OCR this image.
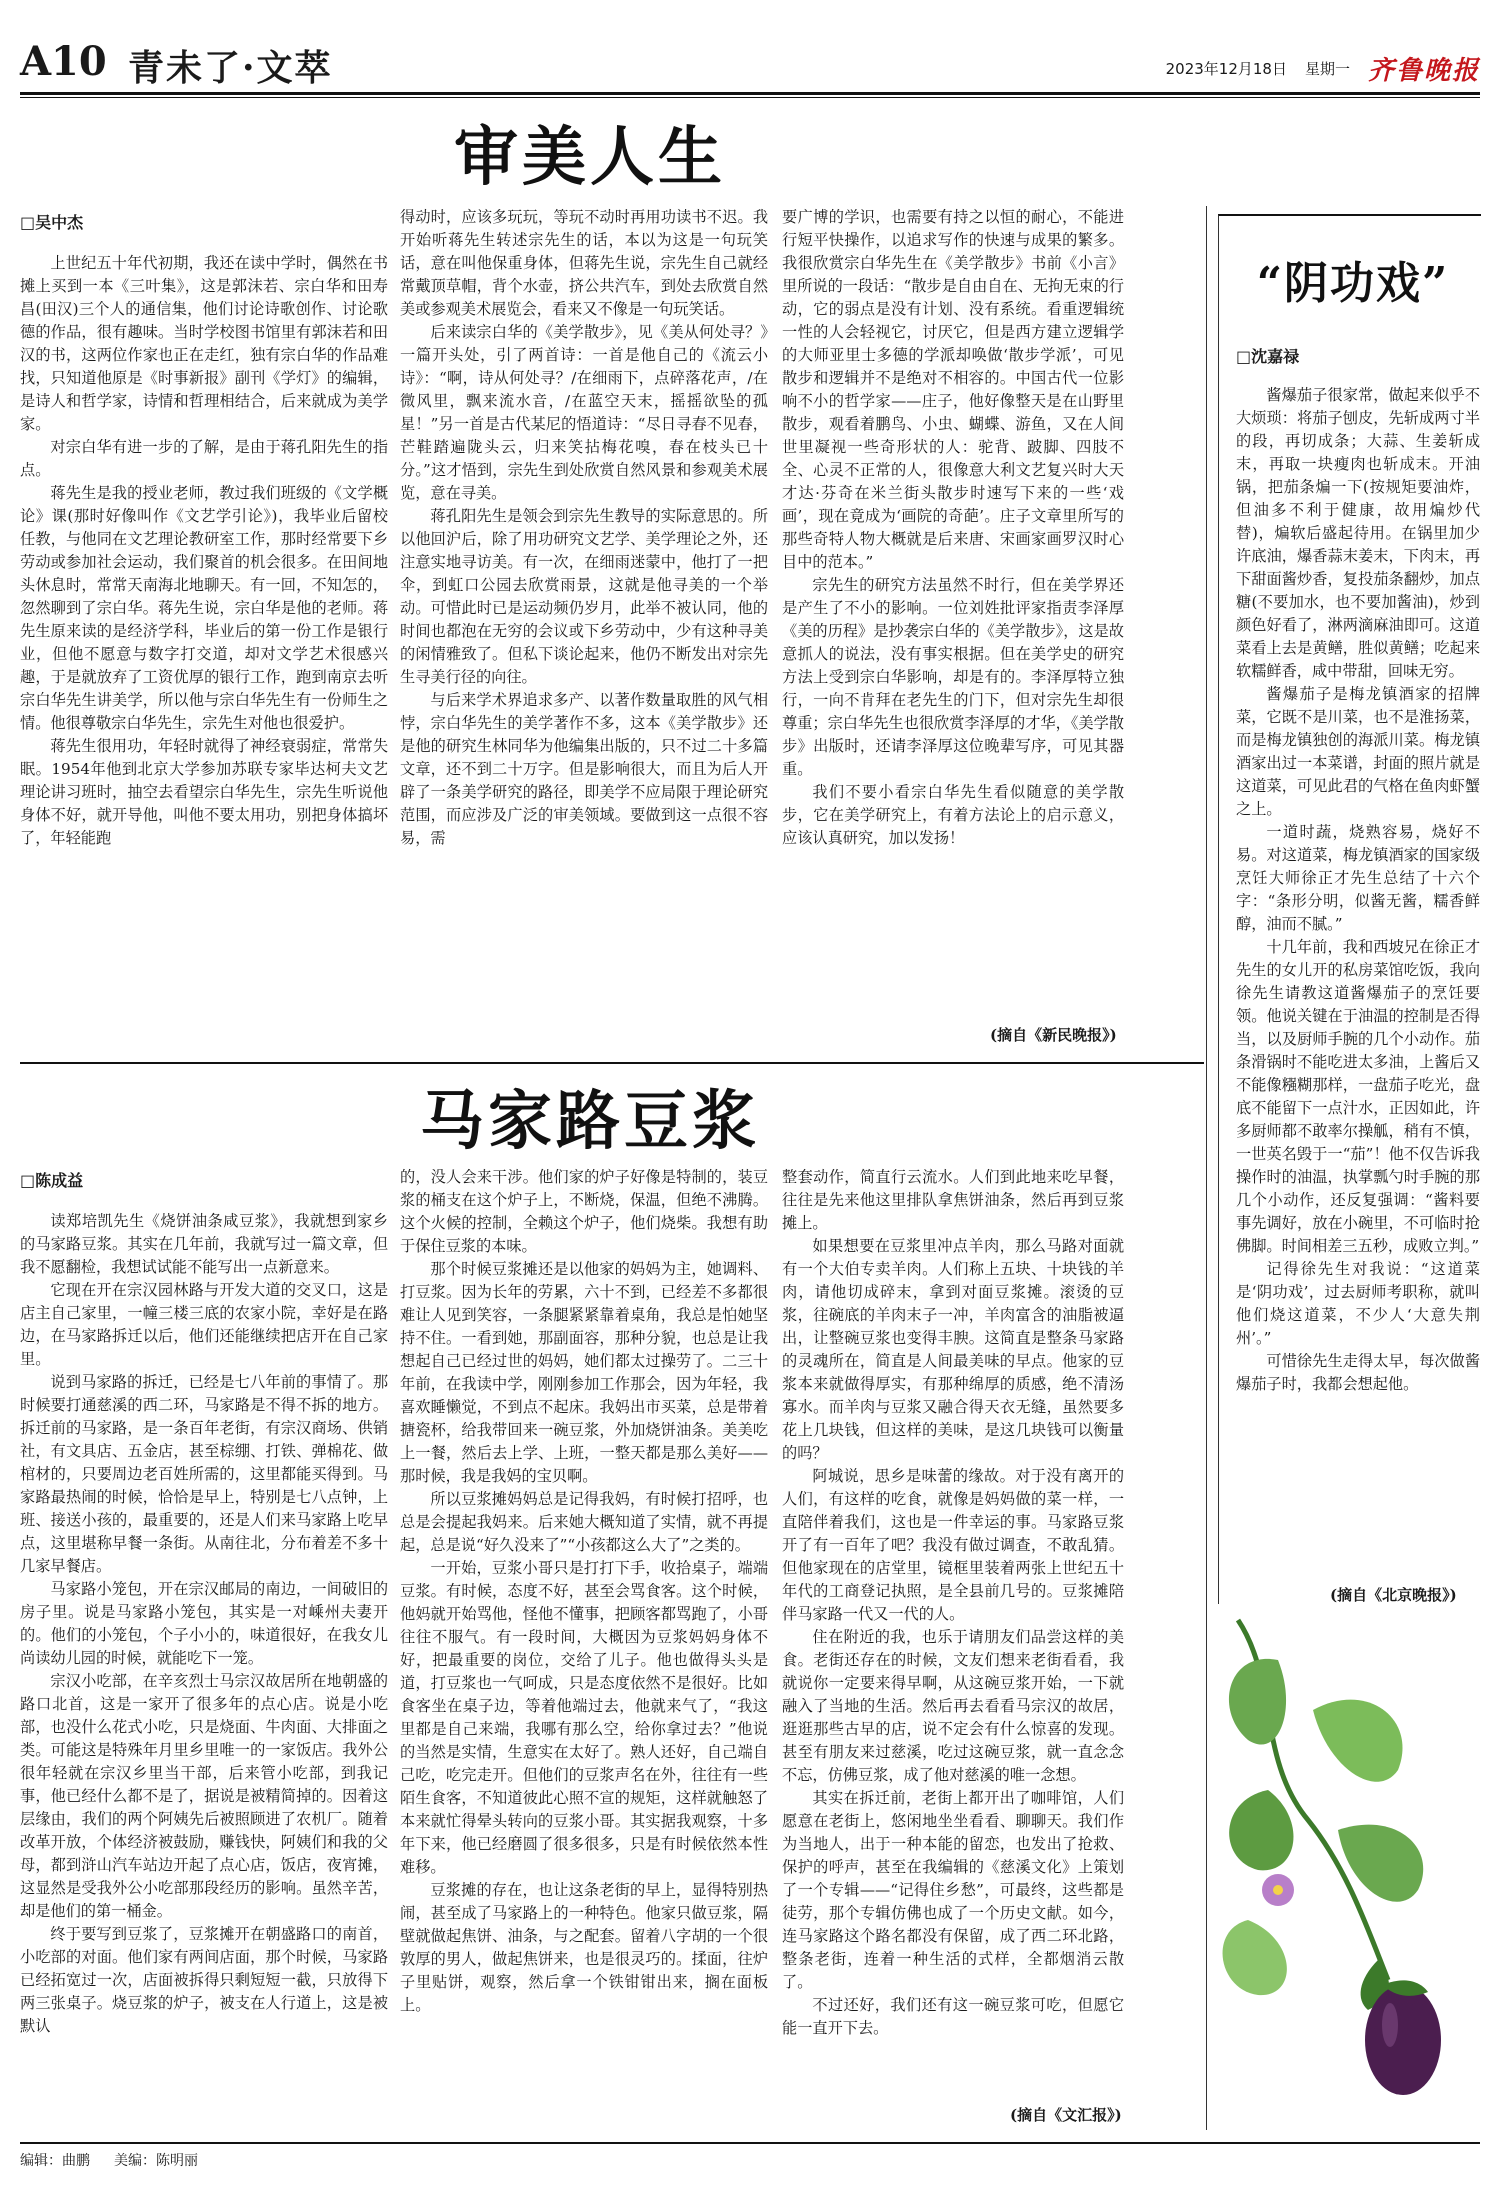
A10 青未了·文萃	2023年12月18日 星期一 齐鲁晚报
审美人生
□吴中杰

上世纪五十年代初期，我还在读中学时，偶然在书摊上买到一本《三叶集》，这是郭沫若、宗白华和田寿昌(田汉)三个人的通信集，他们讨论诗歌创作、讨论歌德的作品，很有趣味。当时学校图书馆里有郭沫若和田汉的书，这两位作家也正在走红，独有宗白华的作品难找，只知道他原是《时事新报》副刊《学灯》的编辑，是诗人和哲学家，诗情和哲理相结合，后来就成为美学家。

对宗白华有进一步的了解，是由于蒋孔阳先生的指点。

蒋先生是我的授业老师，教过我们班级的《文学概论》课(那时好像叫作《文艺学引论》)，我毕业后留校任教，与他同在文艺理论教研室工作，那时经常要下乡劳动或参加社会运动，我们聚首的机会很多。在田间地头休息时，常常天南海北地聊天。有一回，不知怎的，忽然聊到了宗白华。蒋先生说，宗白华是他的老师。蒋先生原来读的是经济学科，毕业后的第一份工作是银行业，但他不愿意与数字打交道，却对文学艺术很感兴趣，于是就放弃了工资优厚的银行工作，跑到南京去听宗白华先生讲美学，所以他与宗白华先生有一份师生之情。他很尊敬宗白华先生，宗先生对他也很爱护。

蒋先生很用功，年轻时就得了神经衰弱症，常常失眠。1954年他到北京大学参加苏联专家毕达柯夫文艺理论讲习班时，抽空去看望宗白华先生，宗先生听说他身体不好，就开导他，叫他不要太用功，别把身体搞坏了，年轻能跑

得动时，应该多玩玩，等玩不动时再用功读书不迟。我开始听蒋先生转述宗先生的话，本以为这是一句玩笑话，意在叫他保重身体，但蒋先生说，宗先生自己就经常戴顶草帽，背个水壶，挤公共汽车，到处去欣赏自然美或参观美术展览会，看来又不像是一句玩笑话。

后来读宗白华的《美学散步》，见《美从何处寻？》一篇开头处，引了两首诗：一首是他自己的《流云小诗》：“啊，诗从何处寻？/在细雨下，点碎落花声，/在微风里，飘来流水音，/在蓝空天末，摇摇欲坠的孤星！”另一首是古代某尼的悟道诗：“尽日寻春不见春，芒鞋踏遍陇头云，归来笑拈梅花嗅，春在枝头已十分。”这才悟到，宗先生到处欣赏自然风景和参观美术展览，意在寻美。

蒋孔阳先生是领会到宗先生教导的实际意思的。所以他回沪后，除了用功研究文艺学、美学理论之外，还注意实地寻访美。有一次，在细雨迷蒙中，他打了一把伞，到虹口公园去欣赏雨景，这就是他寻美的一个举动。可惜此时已是运动频仍岁月，此举不被认同，他的时间也都泡在无穷的会议或下乡劳动中，少有这种寻美的闲情雅致了。但私下谈论起来，他仍不断发出对宗先生寻美行径的向往。

与后来学术界追求多产、以著作数量取胜的风气相悖，宗白华先生的美学著作不多，这本《美学散步》还是他的研究生林同华为他编集出版的，只不过二十多篇文章，还不到二十万字。但是影响很大，而且为后人开辟了一条美学研究的路径，即美学不应局限于理论研究范围，而应涉及广泛的审美领域。要做到这一点很不容易，需

要广博的学识，也需要有持之以恒的耐心，不能进行短平快操作，以追求写作的快速与成果的繁多。我很欣赏宗白华先生在《美学散步》书前《小言》里所说的一段话：“散步是自由自在、无拘无束的行动，它的弱点是没有计划、没有系统。看重逻辑统一性的人会轻视它，讨厌它，但是西方建立逻辑学的大师亚里士多德的学派却唤做‘散步学派’，可见散步和逻辑并不是绝对不相容的。中国古代一位影响不小的哲学家——庄子，他好像整天是在山野里散步，观看着鹏鸟、小虫、蝴蝶、游鱼，又在人间世里凝视一些奇形状的人：驼背、跛脚、四肢不全、心灵不正常的人，很像意大利文艺复兴时大天才达·芬奇在米兰街头散步时速写下来的一些‘戏画’，现在竟成为‘画院的奇葩’。庄子文章里所写的那些奇特人物大概就是后来唐、宋画家画罗汉时心目中的范本。”

宗先生的研究方法虽然不时行，但在美学界还是产生了不小的影响。一位刘姓批评家指责李泽厚《美的历程》是抄袭宗白华的《美学散步》，这是故意抓人的说法，没有事实根据。但在美学史的研究方法上受到宗白华影响，却是有的。李泽厚特立独行，一向不肯拜在老先生的门下，但对宗先生却很尊重；宗白华先生也很欣赏李泽厚的才华，《美学散步》出版时，还请李泽厚这位晚辈写序，可见其器重。

我们不要小看宗白华先生看似随意的美学散步，它在美学研究上，有着方法论上的启示意义，应该认真研究，加以发扬！

(摘自《新民晚报》)
马家路豆浆
□陈成益

读郑培凯先生《烧饼油条咸豆浆》，我就想到家乡的马家路豆浆。其实在几年前，我就写过一篇文章，但我不愿翻检，我想试试能不能写出一点新意来。

它现在开在宗汉园林路与开发大道的交叉口，这是店主自己家里，一幢三楼三底的农家小院，幸好是在路边，在马家路拆迁以后，他们还能继续把店开在自己家里。

说到马家路的拆迁，已经是七八年前的事情了。那时候要打通慈溪的西二环，马家路是不得不拆的地方。拆迁前的马家路，是一条百年老街，有宗汉商场、供销社，有文具店、五金店，甚至棕绷、打铁、弹棉花、做棺材的，只要周边老百姓所需的，这里都能买得到。马家路最热闹的时候，恰恰是早上，特别是七八点钟，上班、接送小孩的，最重要的，还是人们来马家路上吃早点，这里堪称早餐一条街。从南往北，分布着差不多十几家早餐店。

马家路小笼包，开在宗汉邮局的南边，一间破旧的房子里。说是马家路小笼包，其实是一对嵊州夫妻开的。他们的小笼包，个子小小的，味道很好，在我女儿尚读幼儿园的时候，就能吃下一笼。

宗汉小吃部，在辛亥烈士马宗汉故居所在地朝盛的路口北首，这是一家开了很多年的点心店。说是小吃部，也没什么花式小吃，只是烧面、牛肉面、大排面之类。可能这是特殊年月里乡里唯一的一家饭店。我外公很年轻就在宗汉乡里当干部，后来管小吃部，到我记事，他已经什么都不是了，据说是被精简掉的。因着这层缘由，我们的两个阿姨先后被照顾进了农机厂。随着改革开放，个体经济被鼓励，赚钱快，阿姨们和我的父母，都到浒山汽车站边开起了点心店，饭店，夜宵摊，这显然是受我外公小吃部那段经历的影响。虽然辛苦，却是他们的第一桶金。

终于要写到豆浆了，豆浆摊开在朝盛路口的南首，小吃部的对面。他们家有两间店面，那个时候，马家路已经拓宽过一次，店面被拆得只剩短短一截，只放得下两三张桌子。烧豆浆的炉子，被支在人行道上，这是被默认

的，没人会来干涉。他们家的炉子好像是特制的，装豆浆的桶支在这个炉子上，不断烧，保温，但绝不沸腾。这个火候的控制，全赖这个炉子，他们烧柴。我想有助于保住豆浆的本味。

那个时候豆浆摊还是以他家的妈妈为主，她调料、打豆浆。因为长年的劳累，六十不到，已经差不多都很难让人见到笑容，一条腿紧紧靠着桌角，我总是怕她坚持不住。一看到她，那副面容，那种分貌，也总是让我想起自己已经过世的妈妈，她们都太过操劳了。二三十年前，在我读中学，刚刚参加工作那会，因为年轻，我喜欢睡懒觉，不到点不起床。我妈出市买菜，总是带着搪瓷杯，给我带回来一碗豆浆，外加烧饼油条。美美吃上一餐，然后去上学、上班，一整天都是那么美好——那时候，我是我妈的宝贝啊。

所以豆浆摊妈妈总是记得我妈，有时候打招呼，也总是会提起我妈来。后来她大概知道了实情，就不再提起，总是说“好久没来了”“小孩都这么大了”之类的。

一开始，豆浆小哥只是打打下手，收拾桌子，端端豆浆。有时候，态度不好，甚至会骂食客。这个时候，他妈就开始骂他，怪他不懂事，把顾客都骂跑了，小哥往往不服气。有一段时间，大概因为豆浆妈妈身体不好，把最重要的岗位，交给了儿子。他也做得头头是道，打豆浆也一气呵成，只是态度依然不是很好。比如食客坐在桌子边，等着他端过去，他就来气了，“我这里都是自己来端，我哪有那么空，给你拿过去？”他说的当然是实情，生意实在太好了。熟人还好，自己端自己吃，吃完走开。但他们的豆浆声名在外，往往有一些陌生食客，不知道彼此心照不宣的规矩，这样就触怒了本来就忙得晕头转向的豆浆小哥。其实据我观察，十多年下来，他已经磨圆了很多很多，只是有时候依然本性难移。

豆浆摊的存在，也让这条老街的早上，显得特别热闹，甚至成了马家路上的一种特色。他家只做豆浆，隔壁就做起焦饼、油条，与之配套。留着八字胡的一个很敦厚的男人，做起焦饼来，也是很灵巧的。揉面，往炉子里贴饼，观察，然后拿一个铁钳钳出来，搁在面板上。

整套动作，简直行云流水。人们到此地来吃早餐，往往是先来他这里排队拿焦饼油条，然后再到豆浆摊上。

如果想要在豆浆里冲点羊肉，那么马路对面就有一个大伯专卖羊肉。人们称上五块、十块钱的羊肉，请他切成碎末，拿到对面豆浆摊。滚烫的豆浆，往碗底的羊肉末子一冲，羊肉富含的油脂被逼出，让整碗豆浆也变得丰腴。这简直是整条马家路的灵魂所在，简直是人间最美味的早点。他家的豆浆本来就做得厚实，有那种绵厚的质感，绝不清汤寡水。而羊肉与豆浆又融合得天衣无缝，虽然要多花上几块钱，但这样的美味，是这几块钱可以衡量的吗？

阿城说，思乡是味蕾的缘故。对于没有离开的人们，有这样的吃食，就像是妈妈做的菜一样，一直陪伴着我们，这也是一件幸运的事。马家路豆浆开了有一百年了吧？我没有做过调查，不敢乱猜。但他家现在的店堂里，镜框里装着两张上世纪五十年代的工商登记执照，是全县前几号的。豆浆摊陪伴马家路一代又一代的人。

住在附近的我，也乐于请朋友们品尝这样的美食。老街还存在的时候，文友们想来老街看看，我就说你一定要来得早啊，从这碗豆浆开始，一下就融入了当地的生活。然后再去看看马宗汉的故居，逛逛那些古早的店，说不定会有什么惊喜的发现。甚至有朋友来过慈溪，吃过这碗豆浆，就一直念念不忘，仿佛豆浆，成了他对慈溪的唯一念想。

其实在拆迁前，老街上都开出了咖啡馆，人们愿意在老街上，悠闲地坐坐看看、聊聊天。我们作为当地人，出于一种本能的留恋，也发出了抢救、保护的呼声，甚至在我编辑的《慈溪文化》上策划了一个专辑——“记得住乡愁”，可最终，这些都是徒劳，那个专辑仿佛也成了一个历史文献。如今，连马家路这个路名都没有保留，成了西二环北路，整条老街，连着一种生活的式样，全都烟消云散了。

不过还好，我们还有这一碗豆浆可吃，但愿它能一直开下去。

(摘自《文汇报》)
“阴功戏”
□沈嘉禄

酱爆茄子很家常，做起来似乎不大烦琐：将茄子刨皮，先斩成两寸半的段，再切成条；大蒜、生姜斩成末，再取一块瘦肉也斩成末。开油锅，把茄条煸一下(按规矩要油炸，但油多不利于健康，故用煸炒代替)，煸软后盛起待用。在锅里加少许底油，爆香蒜末姜末，下肉末，再下甜面酱炒香，复投茄条翻炒，加点糖(不要加水，也不要加酱油)，炒到颜色好看了，淋两滴麻油即可。这道菜看上去是黄鳝，胜似黄鳝；吃起来软糯鲜香，咸中带甜，回味无穷。

酱爆茄子是梅龙镇酒家的招牌菜，它既不是川菜，也不是淮扬菜，而是梅龙镇独创的海派川菜。梅龙镇酒家出过一本菜谱，封面的照片就是这道菜，可见此君的气格在鱼肉虾蟹之上。

一道时蔬，烧熟容易，烧好不易。对这道菜，梅龙镇酒家的国家级烹饪大师徐正才先生总结了十六个字：“条形分明，似酱无酱，糯香鲜醇，油而不腻。”

十几年前，我和西坡兄在徐正才先生的女儿开的私房菜馆吃饭，我向徐先生请教这道酱爆茄子的烹饪要领。他说关键在于油温的控制是否得当，以及厨师手腕的几个小动作。茄条滑锅时不能吃进太多油，上酱后又不能像糨糊那样，一盘茄子吃光，盘底不能留下一点汁水，正因如此，许多厨师都不敢率尔操觚，稍有不慎，一世英名毁于一“茄”！他不仅告诉我操作时的油温，执掌瓢勺时手腕的那几个小动作，还反复强调：“酱料要事先调好，放在小碗里，不可临时抢佛脚。时间相差三五秒，成败立判。”

记得徐先生对我说：“这道菜是‘阴功戏’，过去厨师考职称，就叫他们烧这道菜，不少人‘大意失荆州’。”

可惜徐先生走得太早，每次做酱爆茄子时，我都会想起他。

(摘自《北京晚报》)
编辑：曲鹏 美编：陈明丽
